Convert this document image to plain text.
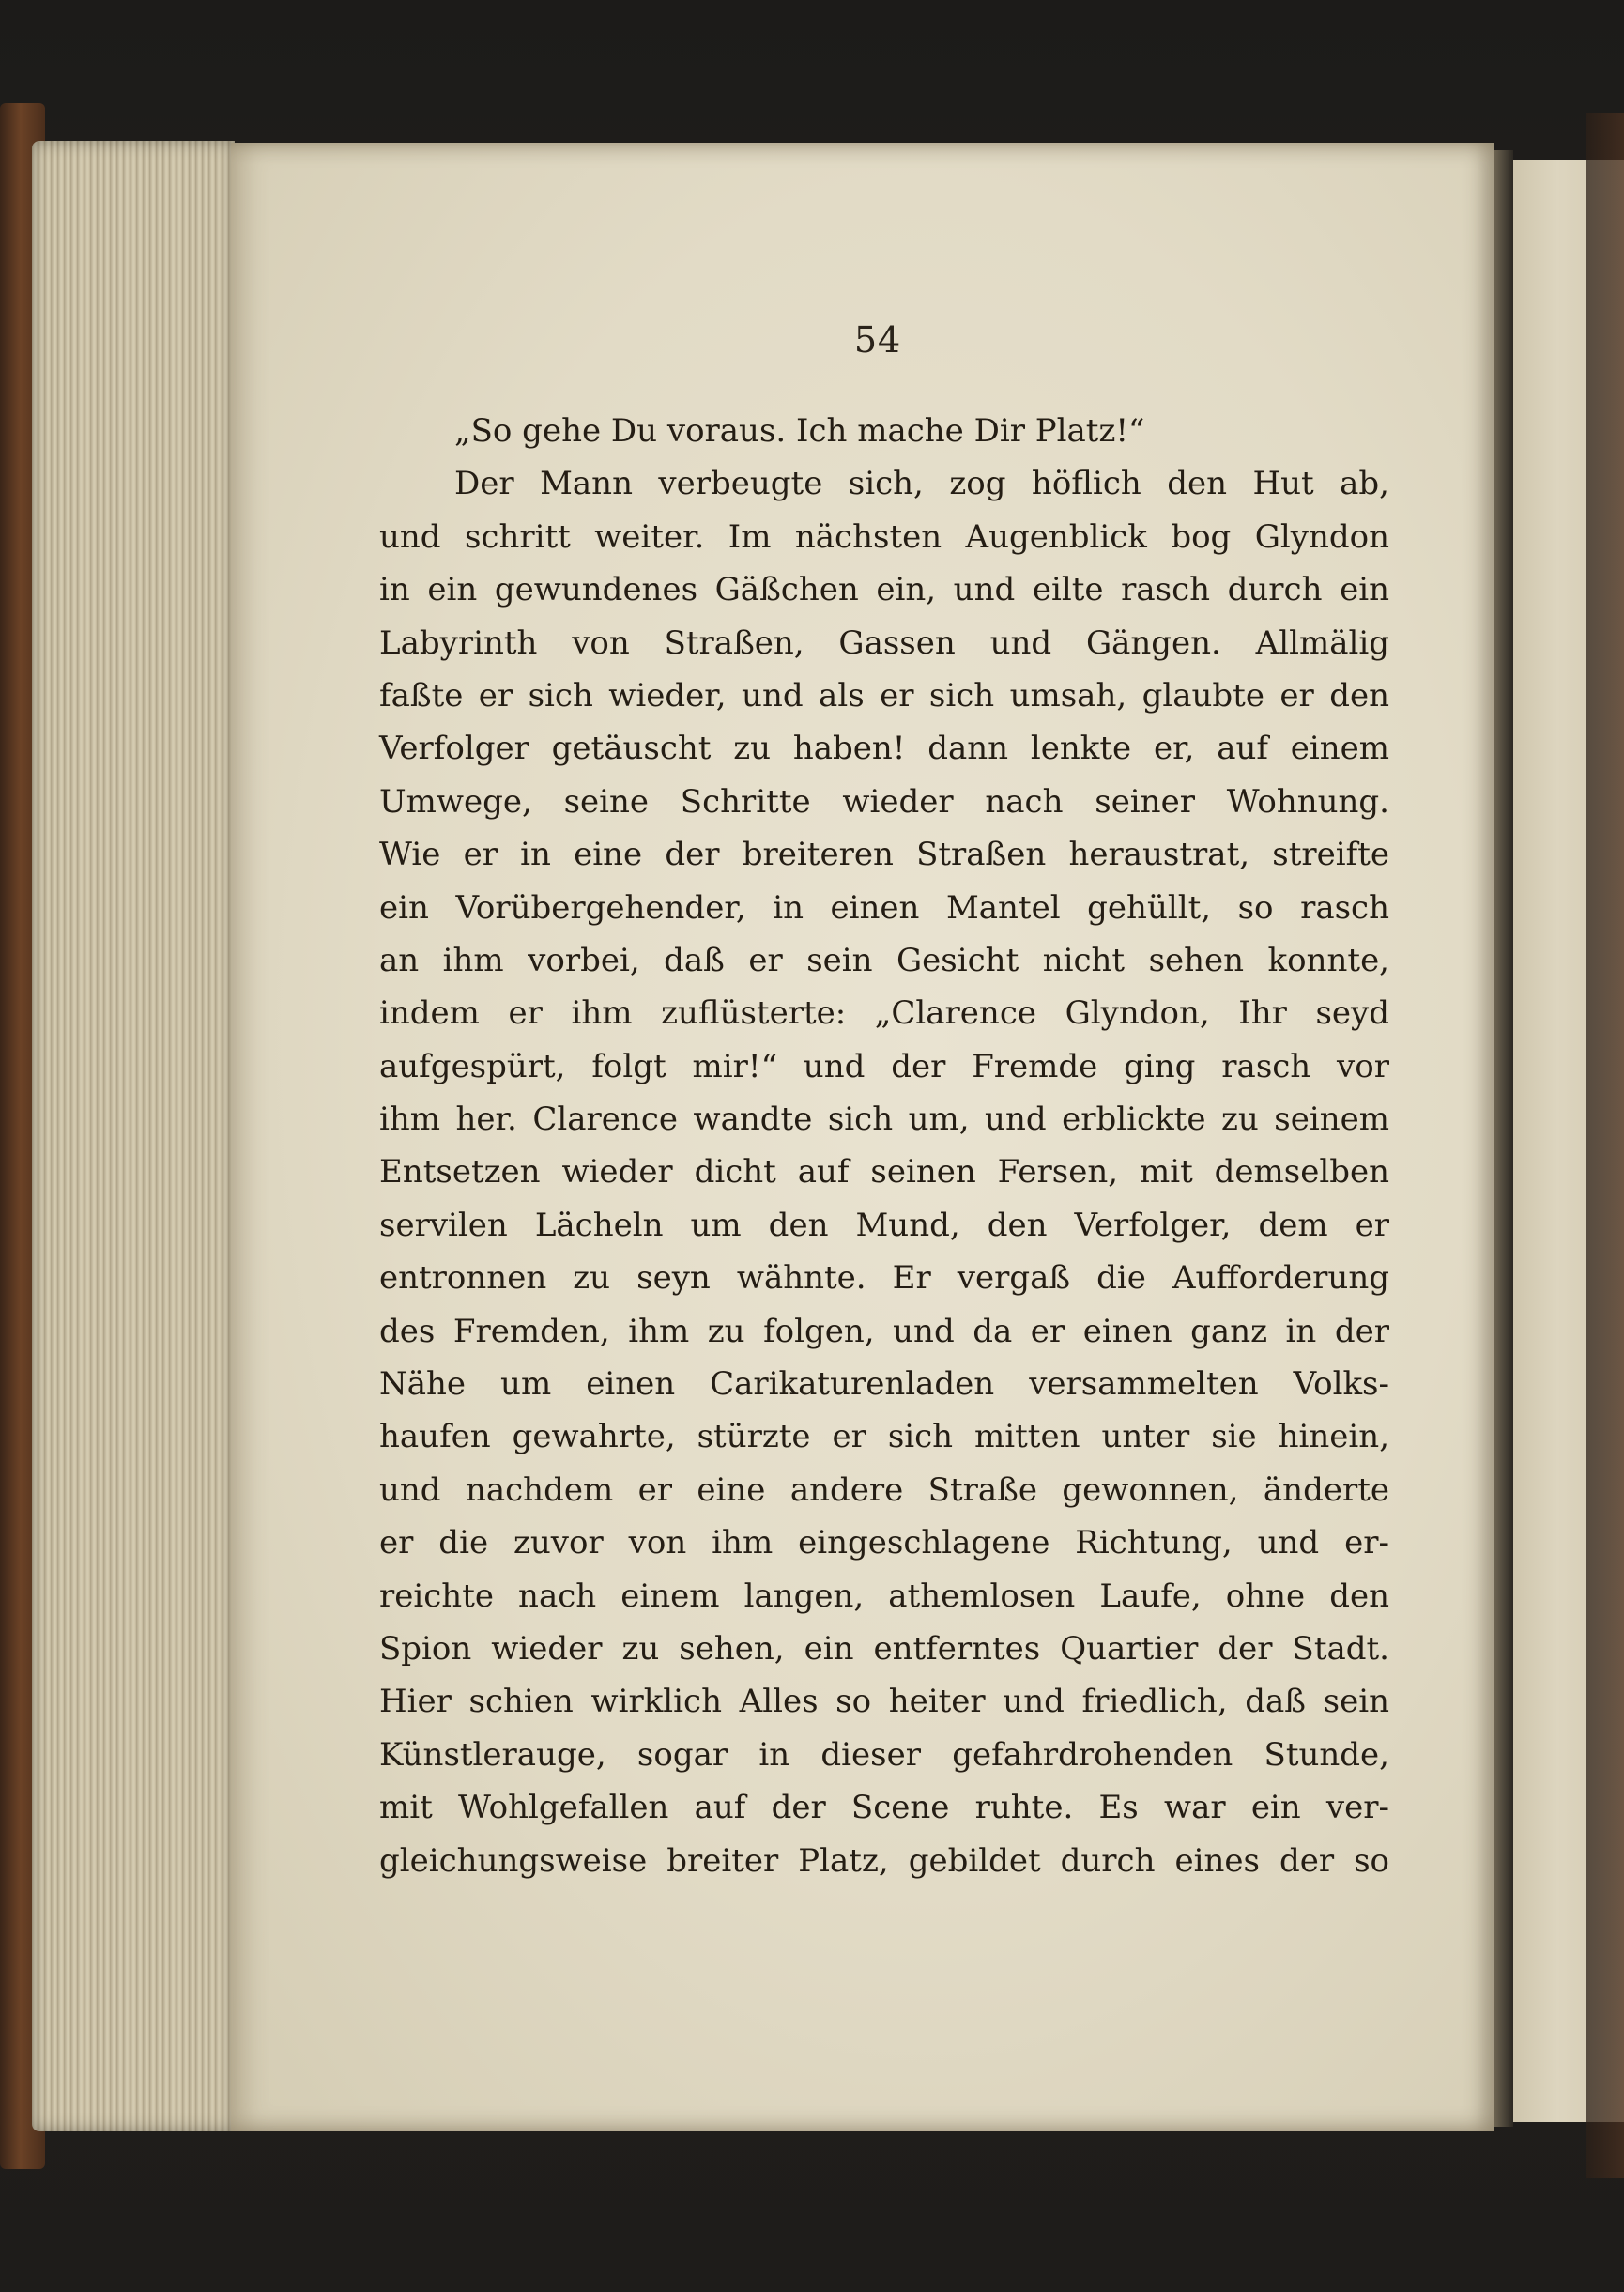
54
„So gehe Du voraus. Ich mache Dir Platz!“
Der Mann verbeugte sich, zog höflich den Hut ab,
und schritt weiter. Im nächsten Augenblick bog Glyndon
in ein gewundenes Gäßchen ein, und eilte rasch durch ein
Labyrinth von Straßen, Gassen und Gängen. Allmälig
faßte er sich wieder, und als er sich umsah, glaubte er den
Verfolger getäuscht zu haben! dann lenkte er, auf einem
Umwege, seine Schritte wieder nach seiner Wohnung.
Wie er in eine der breiteren Straßen heraustrat, streifte
ein Vorübergehender, in einen Mantel gehüllt, so rasch
an ihm vorbei, daß er sein Gesicht nicht sehen konnte,
indem er ihm zuflüsterte: „Clarence Glyndon, Ihr seyd
aufgespürt, folgt mir!“ und der Fremde ging rasch vor
ihm her. Clarence wandte sich um, und erblickte zu seinem
Entsetzen wieder dicht auf seinen Fersen, mit demselben
servilen Lächeln um den Mund, den Verfolger, dem er
entronnen zu seyn wähnte. Er vergaß die Aufforderung
des Fremden, ihm zu folgen, und da er einen ganz in der
Nähe um einen Carikaturenladen versammelten Volks-
haufen gewahrte, stürzte er sich mitten unter sie hinein,
und nachdem er eine andere Straße gewonnen, änderte
er die zuvor von ihm eingeschlagene Richtung, und er-
reichte nach einem langen, athemlosen Laufe, ohne den
Spion wieder zu sehen, ein entferntes Quartier der Stadt.
Hier schien wirklich Alles so heiter und friedlich, daß sein
Künstlerauge, sogar in dieser gefahrdrohenden Stunde,
mit Wohlgefallen auf der Scene ruhte. Es war ein ver-
gleichungsweise breiter Platz, gebildet durch eines der so
